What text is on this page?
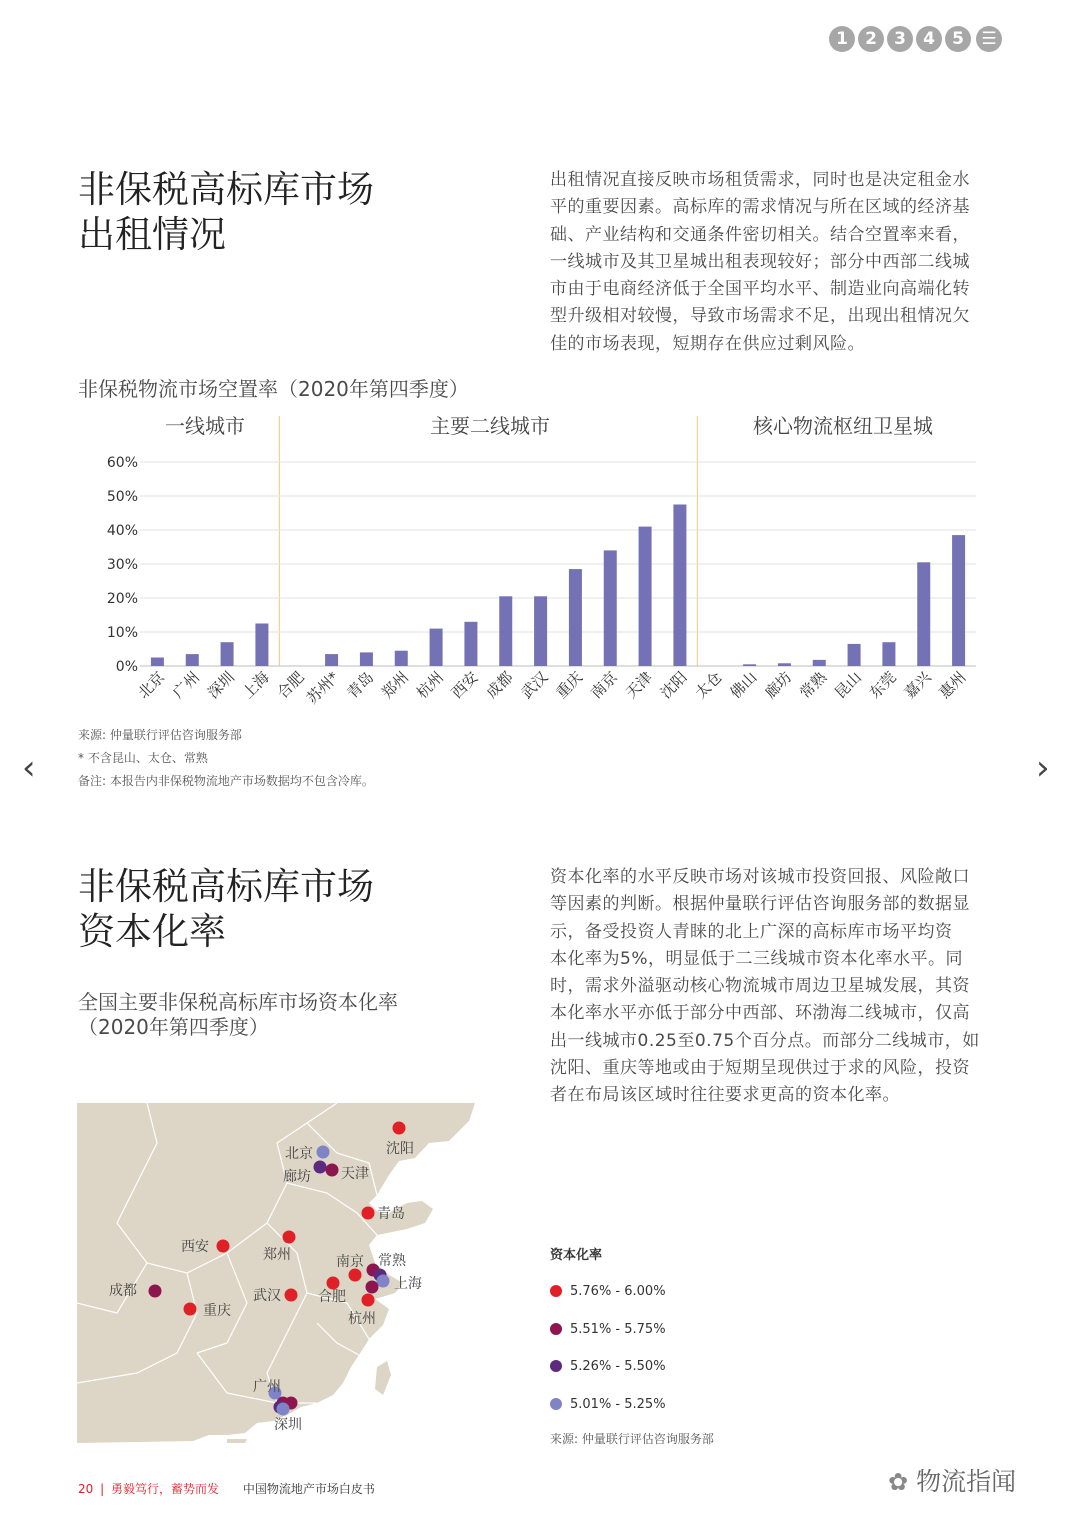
1	2	3	4	5	☰
非保税高标库市场
出租情况
出租情况直接反映市场租赁需求，同时也是决定租金水
平的重要因素。高标库的需求情况与所在区域的经济基
础、产业结构和交通条件密切相关。结合空置率来看，
一线城市及其卫星城出租表现较好；部分中西部二线城
市由于电商经济低于全国平均水平、制造业向高端化转
型升级相对较慢，导致市场需求不足，出现出租情况欠
佳的市场表现，短期存在供应过剩风险。
非保税物流市场空置率（2020年第四季度）
一线城市	主要二线城市	核心物流枢纽卫星城
0%
10%
20%
30%
40%
50%
60%
北京 广州 深圳 上海 合肥
苏州* 青岛 郑州 杭州 西安 成都 武汉 重庆 南京 天津 沈阳 太仓 佛山 廊坊 常熟 昆山 东莞 嘉兴 惠州
来源: 仲量联行评估咨询服务部
* 不含昆山、太仓、常熟
备注: 本报告内非保税物流地产市场数据均不包含冷库。
‹	›
非保税高标库市场
资本化率
全国主要非保税高标库市场资本化率
（2020年第四季度）
资本化率的水平反映市场对该城市投资回报、风险敞口
等因素的判断。根据仲量联行评估咨询服务部的数据显
示，备受投资人青睐的北上广深的高标库市场平均资
本化率为5%，明显低于二三线城市资本化率水平。同
时，需求外溢驱动核心物流城市周边卫星城发展，其资
本化率水平亦低于部分中西部、环渤海二线城市，仅高
出一线城市0.25至0.75个百分点。而部分二线城市，如
沈阳、重庆等地或由于短期呈现供过于求的风险，投资
者在布局该区域时往往要求更高的资本化率。
北京
廊坊 天津
沈阳
青岛
西安	郑州	南京 常熟
上海
成都	武汉	合肥
重庆	杭州
广州
深圳
资本化率
5.76% - 6.00%
5.51% - 5.75%
5.26% - 5.50%
5.01% - 5.25%
来源: 仲量联行评估咨询服务部
20 | 勇毅笃行，蓄势而发 中国物流地产市场白皮书	✿ 物流指闻
